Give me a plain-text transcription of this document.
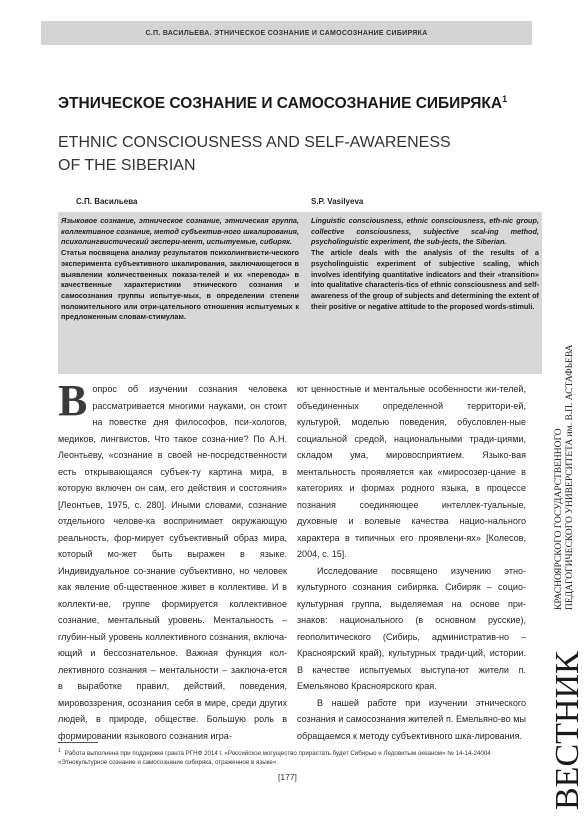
С.П. ВАСИЛЬЕВА. ЭТНИЧЕСКОЕ СОЗНАНИЕ И САМОСОЗНАНИЕ СИБИРЯКА
ЭТНИЧЕСКОЕ СОЗНАНИЕ И САМОСОЗНАНИЕ СИБИРЯКА$^1$
ETHNIC CONSCIOUSNESS AND SELF-AWARENESS
OF THE SIBERIAN
С.П. Васильева	S.P. Vasilyeva
Языковое сознание, этническое сознание, этническая группа, коллективное сознание, метод субъектив-ного шкалирования, психолингвистический экспери-мент, испытуемые, сибиряк.
Статья посвящена анализу результатов психолингвисти-ческого эксперимента субъективного шкалирования, заключающегося в выявлении количественных показа-телей и их «перевода» в качественные характеристики этнического сознания и самосознания группы испытуе-мых, в определении степени положительного или отри-цательного отношения испытуемых к предложенным словам-стимулам.
Linguistic consciousness, ethnic consciousness, eth-nic group, collective consciousness, subjective scal-ing method, psycholinguistic experiment, the sub-jects, the Siberian.
The article deals with the analysis of the results of a psycholinguistic experiment of subjective scaling, which involves identifying quantitative indicators and their «transition» into qualitative characteris-tics of ethnic consciousness and self-awareness of the group of subjects and determining the extent of their positive or negative attitude to the proposed words-stimuli.

Вопрос об изучении сознания человека рассматривается многими науками, он стоит на повестке дня философов, пси-хологов, медиков, лингвистов. Что такое созна-ние? По А.Н. Леонтьеву, «сознание в своей не-посредственности есть открывающаяся субъек-ту картина мира, в которую включен он сам, его действия и состояния» [Леонтьев, 1975, с. 280]. Иными словами, сознание отдельного челове-ка воспринимает окружающую реальность, фор-мирует субъективный образ мира, который мо-жет быть выражен в языке. Индивидуальное со-знание субъективно, но человек как явление об-щественное живет в коллективе. И в коллекти-ве, группе формируется коллективное сознание, ментальный уровень. Ментальность – глубин-ный уровень коллективного сознания, включа-ющий и бессознательное. Важная функция кол-лективного сознания – ментальности – заключа-ется в выработке правил, действий, поведения, мировоззрения, осознания себя в мире, среди других людей, в природе, обществе. Большую роль в формировании языкового сознания игра-

ют ценностные и ментальные особенности жи-телей, объединенных определенной территори-ей, культурой, моделью поведения, обусловлен-ные социальной средой, национальными тради-циями, складом ума, мировосприятием. Языко-вая ментальность проявляется как «миросозер-цание в категориях и формах родного языка, в процессе познания соединяющее интеллек-туальные, духовные и волевые качества нацио-нального характера в типичных его проявлени-ях» [Колесов, 2004, с. 15].

Исследование посвящено изучению этно-культурного сознания сибиряка. Сибиряк – социо-культурная группа, выделяемая на основе при-знаков: национального (в основном русские), геополитического (Сибирь, административ-но – Красноярский край), культурных тради-ций, истории. В качестве испытуемых выступа-ют жители п. Емельяново Красноярского края.

В нашей работе при изучении этнического сознания и самосознания жителей п. Емельяно-во мы обращаемся к методу субъективного шка-лирования.

$^1$ Работа выполнена при поддержке гранта РГНФ 2014 г. «Российское могущество прирастать будет Сибирью и Ледовитым океаном» № 14-14-24004 «Этнокультурное сознание и самосознание сибиряка, отраженное в языке».
[177]	ВЕСТНИК
КРАСНОЯРСКОГО ГОСУДАРСТВЕННОГО ПЕДАГОГИЧЕСКОГО УНИВЕРСИТЕТА им. В.П. АСТАФЬЕВА
